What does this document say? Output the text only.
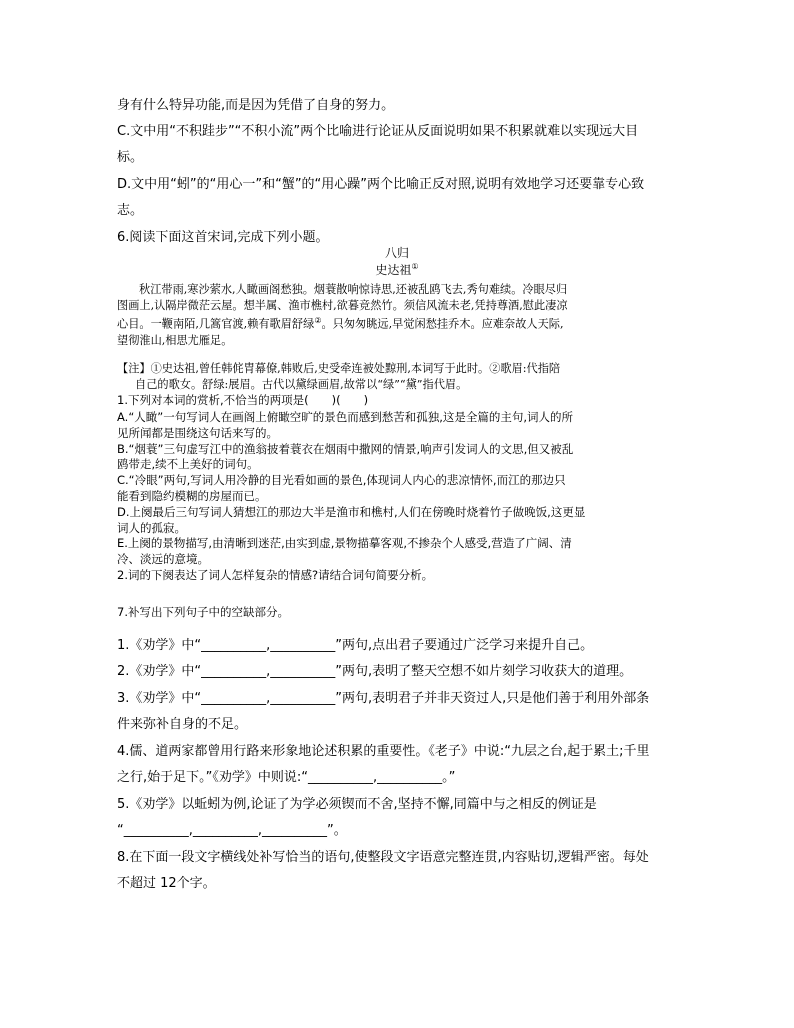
身有什么特异功能,而是因为凭借了自身的努力。
C.文中用“不积跬步”“不积小流”两个比喻进行论证从反面说明如果不积累就难以实现远大目
标。
D.文中用“蚓”的“用心一”和“蟹”的“用心躁”两个比喻正反对照,说明有效地学习还要靠专心致
志。
6.阅读下面这首宋词,完成下列小题。
八归
史达祖①
秋江带雨,寒沙萦水,人瞰画阁愁独。烟蓑散响惊诗思,还被乱鸥飞去,秀句难续。冷眼尽归
图画上,认隔岸微茫云屋。想半属、渔市樵村,欲暮竞然竹。须信风流未老,凭持尊酒,慰此凄凉
心目。一鞭南陌,几篙官渡,赖有歌眉舒绿②。只匆匆眺远,早觉闲愁挂乔木。应难奈故人天际,
望彻淮山,相思尤雁足。
【注】①史达祖,曾任韩侂胄幕僚,韩败后,史受牵连被处黥刑,本词写于此时。②歌眉:代指陪
自己的歌女。舒绿:展眉。古代以黛绿画眉,故常以“绿”“黛”指代眉。
1.下列对本词的赏析,不恰当的两项是(　　)(　　)
A.“人瞰”一句写词人在画阁上俯瞰空旷的景色而感到愁苦和孤独,这是全篇的主句,词人的所
见所闻都是围绕这句话来写的。
B.“烟蓑”三句虚写江中的渔翁披着蓑衣在烟雨中撒网的情景,响声引发词人的文思,但又被乱
鸥带走,续不上美好的词句。
C.“冷眼”两句,写词人用冷静的目光看如画的景色,体现词人内心的悲凉情怀,而江的那边只
能看到隐约模糊的房屋而已。
D.上阕最后三句写词人猜想江的那边大半是渔市和樵村,人们在傍晚时烧着竹子做晚饭,这更显
词人的孤寂。
E.上阕的景物描写,由清晰到迷茫,由实到虚,景物描摹客观,不掺杂个人感受,营造了广阔、清
冷、淡远的意境。
2.词的下阕表达了词人怎样复杂的情感?请结合词句简要分析。
7.补写出下列句子中的空缺部分。
1.《劝学》中“__________,__________”两句,点出君子要通过广泛学习来提升自己。
2.《劝学》中“__________,__________”两句,表明了整天空想不如片刻学习收获大的道理。
3.《劝学》中“__________,__________”两句,表明君子并非天资过人,只是他们善于利用外部条
件来弥补自身的不足。
4.儒、道两家都曾用行路来形象地论述积累的重要性。《老子》中说:“九层之台,起于累土;千里
之行,始于足下。”《劝学》中则说:“__________,__________。”
5.《劝学》以蚯蚓为例,论证了为学必须锲而不舍,坚持不懈,同篇中与之相反的例证是
“__________,__________,__________”。
8.在下面一段文字横线处补写恰当的语句,使整段文字语意完整连贯,内容贴切,逻辑严密。每处
不超过 12个字。
